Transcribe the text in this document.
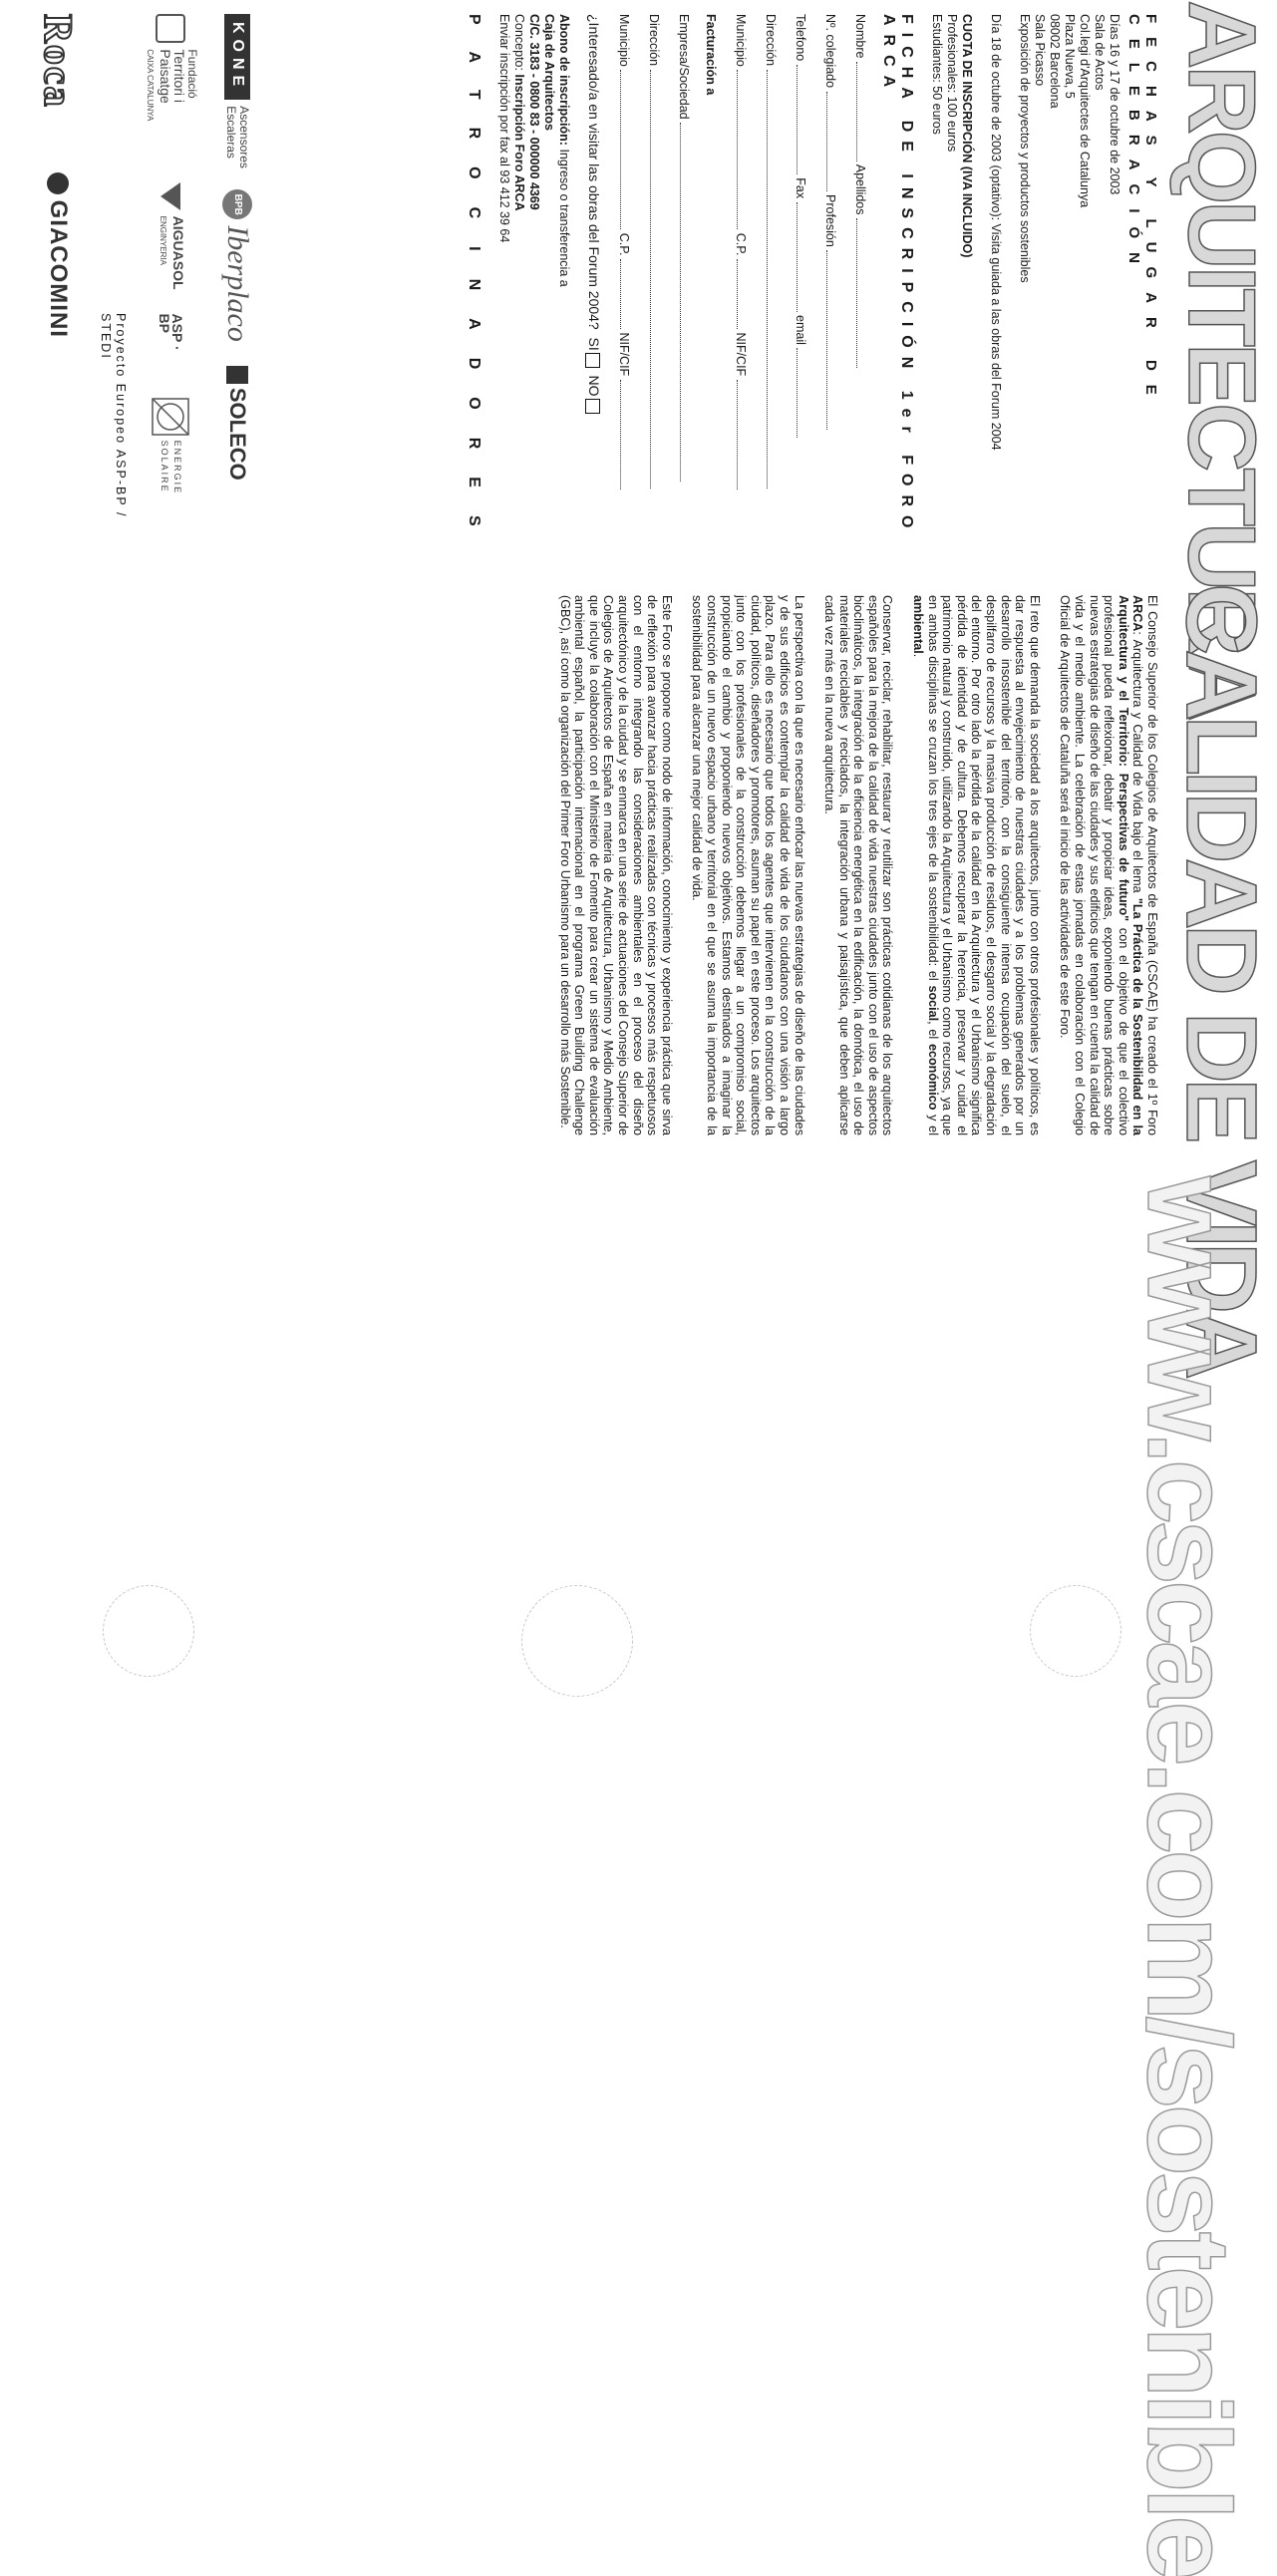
ARQUITECTURA
FECHAS Y LUGAR DE CELEBRACIÓN
Días 16 y 17 de octubre de 2003
Sala de Actos
Col.legi d'Arquitectes de Catalunya
Plaza Nueva, 5
08002 Barcelona
Sala Picasso
Exposición de proyectos y productos sostenibles
Día 18 de octubre de 2003 (optativo): Visita guiada a las obras del Forum 2004
CUOTA DE INSCRIPCIÓN (IVA INCLUIDO)
Profesionales: 100 euros
Estudiantes: 50 euros
FICHA DE INSCRIPCIÓN 1er FORO ARCA
Nombre  Apellidos
Nº. colegiado  Profesión
Telefono  Fax  email
Dirección
Municipio  C.P.  NIF/CIF
Facturación a
Empresa/Sociedad
Dirección
Municipio  C.P.  NIF/CIF
¿Interesado/a en visitar las obras del Forum 2004?  SI  NO
Abono de inscripción: Ingreso o transferencia a
Caja de Arquitectos
C/C. 3183 - 0800 83 - 000000 4369
Concepto: Inscripción Foro ARCA
Enviar inscripción por fax al 93 412 39 64
PATROCINADORES
KONE
Ascensores Escaleras
BPB
Iberplaco
SOLECO
Fundació
Territori i Paisatge
CAIXA CATALUNYA
AIGUASOL
ENGINYERIA
ASP · BP
ENERGIE SOLAIRE
Proyecto Europeo ASP-BP / STEDI
Roca
GIACOMINI
CALIDAD DE VIDA

El Consejo Superior de los Colegios de Arquitectos de España (CSCAE) ha creado el 1º Foro ARCA: Arquitectura y Calidad de Vida bajo el lema "La Práctica de la Sostenibilidad en la Arquitectura y el Territorio: Perspectivas de futuro" con el objetivo de que el colectivo profesional pueda reflexionar, debatir y propiciar ideas, exponiendo buenas prácticas sobre nuevas estrategias de diseño de las ciudades y sus edificios que tengan en cuenta la calidad de vida y el medio ambiente. La celebración de estas jornadas en colaboración con el Colegio Oficial de Arquitectos de Cataluña será el inicio de las actividades de este Foro.

El reto que demanda la sociedad a los arquitectos, junto con otros profesionales y políticos, es dar respuesta al envejecimiento de nuestras ciudades y a los problemas generados por un desarrollo insostenible del territorio, con la consiguiente intensa ocupación del suelo, el despilfarro de recursos y la masiva producción de residuos, el desgarro social y la degradación del entorno. Por otro lado la pérdida de la calidad en la Arquitectura y el Urbanismo significa pérdida de identidad y de cultura. Debemos recuperar la herencia, preservar y cuidar el patrimonio natural y construido, utilizando la Arquitectura y el Urbanismo como recursos, ya que en ambas disciplinas se cruzan los tres ejes de la sostenibilidad: el social, el económico y el ambiental.

Conservar, reciclar, rehabilitar, restaurar y reutilizar son prácticas cotidianas de los arquitectos españoles para la mejora de la calidad de vida nuestras ciudades junto con el uso de aspectos bioclimáticos, la integración de la eficiencia energética en la edificación, la domótica, el uso de materiales reciclables y reciclados, la integración urbana y paisajística, que deben aplicarse cada vez más en la nueva arquitectura.

La perspectiva con la que es necesario enfocar las nuevas estrategias de diseño de las ciudades y de sus edificios es contemplar la calidad de vida de los ciudadanos con una visión a largo plazo. Para ello es necesario que todos los agentes que intervienen en la construcción de la ciudad, políticos, diseñadores y promotores, asuman su papel en este proceso. Los arquitectos junto con los profesionales de la construcción debemos llegar a un compromiso social, propiciando el cambio y proponiendo nuevos objetivos. Estamos destinados a imaginar la construcción de un nuevo espacio urbano y territorial en el que se asuma la importancia de la sostenibilidad para alcanzar una mejor calidad de vida.

Este Foro se propone como nodo de información, conocimiento y experiencia práctica que sirva de reflexión para avanzar hacia prácticas realizadas con técnicas y procesos más respetuosos con el entorno integrando las consideraciones ambientales en el proceso del diseño arquitectónico y de la ciudad y se enmarca en una serie de actuaciones del Consejo Superior de Colegios de Arquitectos de España en materia de Arquitectura, Urbanismo y Medio Ambiente, que incluye la colaboración con el Ministerio de Fomento para crear un sistema de evaluación ambiental español, la participación internacional en el programa Green Building Challenge (GBC), así como la organización del Primer Foro Urbanismo para un desarrollo más Sostenible.

www.cscae.com/sostenible
